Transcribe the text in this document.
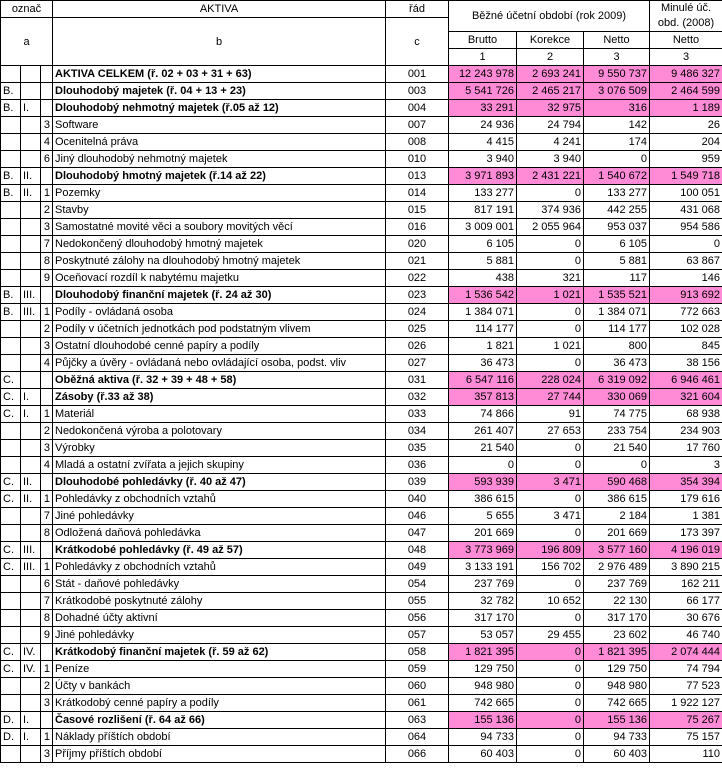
označ			AKTIVA	řád	Běžné účetní období (rok 2009)			Minulé úč. obd. (2008)
a			b	c				

					Brutto	Korekce	Netto	Netto
					1	2	3	3
			AKTIVA CELKEM (ř. 02 + 03 + 31 + 63)	001	12 243 978	2 693 241	9 550 737	9 486 327
B.			Dlouhodobý majetek (ř. 04 + 13 + 23)	003	5 541 726	2 465 217	3 076 509	2 464 599
B.	I.		Dlouhodobý nehmotný majetek (ř.05 až 12)	004	33 291	32 975	316	1 189
		3	Software	007	24 936	24 794	142	26
		4	Ocenitelná práva	008	4 415	4 241	174	204
		6	Jiný dlouhodobý nehmotný majetek	010	3 940	3 940	0	959
B.	II.		Dlouhodobý hmotný majetek (ř.14 až 22)	013	3 971 893	2 431 221	1 540 672	1 549 718
B.	II.	1	Pozemky	014	133 277	0	133 277	100 051
		2	Stavby	015	817 191	374 936	442 255	431 068
		3	Samostatné movité věci a soubory movitých věcí	016	3 009 001	2 055 964	953 037	954 586
		7	Nedokončený dlouhodobý hmotný majetek	020	6 105	0	6 105	0
		8	Poskytnuté zálohy na dlouhodobý hmotný majetek	021	5 881	0	5 881	63 867
		9	Oceňovací rozdíl k nabytému majetku	022	438	321	117	146
B.	III.		Dlouhodobý finanční majetek (ř. 24 až 30)	023	1 536 542	1 021	1 535 521	913 692
B.	III.	1	Podíly - ovládaná osoba	024	1 384 071	0	1 384 071	772 663
		2	Podíly v účetních jednotkách pod podstatným vlivem	025	114 177	0	114 177	102 028
		3	Ostatní dlouhodobé cenné papíry a podíly	026	1 821	1 021	800	845
		4	Půjčky a úvěry - ovládaná nebo ovládající osoba, podst. vliv	027	36 473	0	36 473	38 156
C.			Oběžná aktiva (ř. 32 + 39 + 48 + 58)	031	6 547 116	228 024	6 319 092	6 946 461
C.	I.		Zásoby (ř.33 až 38)	032	357 813	27 744	330 069	321 604
C.	I.	1	Materiál	033	74 866	91	74 775	68 938
		2	Nedokončená výroba a polotovary	034	261 407	27 653	233 754	234 903
		3	Výrobky	035	21 540	0	21 540	17 760
		4	Mladá a ostatní zvířata a jejich skupiny	036	0	0	0	3
C.	II.		Dlouhodobé pohledávky (ř. 40 až 47)	039	593 939	3 471	590 468	354 394
C.	II.	1	Pohledávky z obchodních vztahů	040	386 615	0	386 615	179 616
		7	Jiné pohledávky	046	5 655	3 471	2 184	1 381
		8	Odložená daňová pohledávka	047	201 669	0	201 669	173 397
C.	III.		Krátkodobé pohledávky (ř. 49 až 57)	048	3 773 969	196 809	3 577 160	4 196 019
C.	III.	1	Pohledávky z obchodních vztahů	049	3 133 191	156 702	2 976 489	3 890 215
		6	Stát - daňové pohledávky	054	237 769	0	237 769	162 211
		7	Krátkodobé poskytnuté zálohy	055	32 782	10 652	22 130	66 177
		8	Dohadné účty aktivní	056	317 170	0	317 170	30 676
		9	Jiné pohledávky	057	53 057	29 455	23 602	46 740
C.	IV.		Krátkodobý finanční majetek (ř. 59 až 62)	058	1 821 395	0	1 821 395	2 074 444
C.	IV.	1	Peníze	059	129 750	0	129 750	74 794
		2	Účty v bankách	060	948 980	0	948 980	77 523
		3	Krátkodobý cenné papíry a podíly	061	742 665	0	742 665	1 922 127
D.	I.		Časové rozlišení (ř. 64 až 66)	063	155 136	0	155 136	75 267
D.	I.	1	Náklady příštích období	064	94 733	0	94 733	75 157
		3	Příjmy příštích období	066	60 403	0	60 403	110
